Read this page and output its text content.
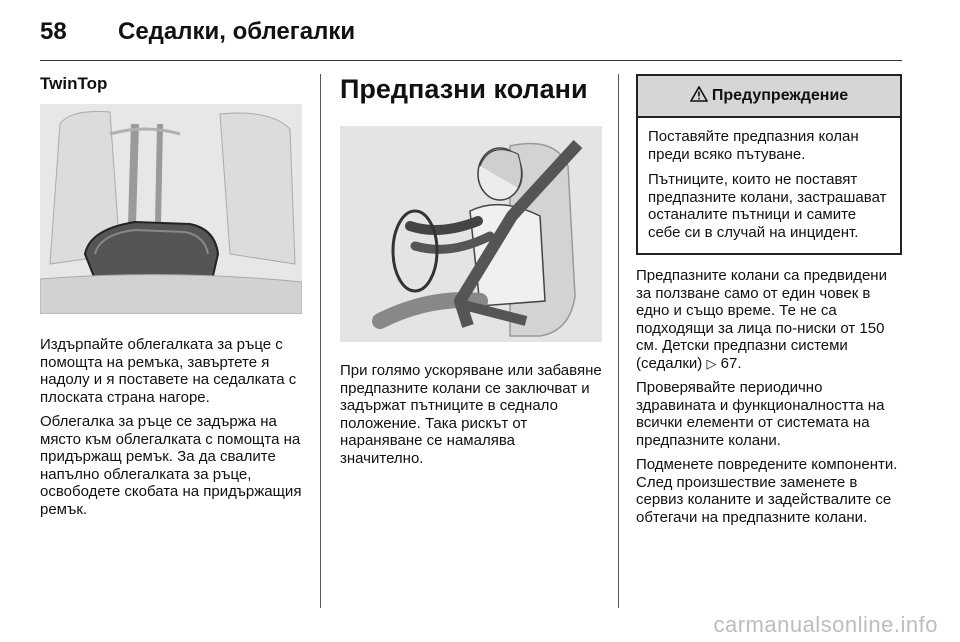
58 Седалки, облегалки
TwinTop

Издърпайте облегалката за ръце с помощта на ремъка, завъртете я надолу и я поставете на седалката с плоската страна нагоре.

Облегалка за ръце се задържа на място към облегалката с помощта на придържащ ремък. За да свалите напълно облегалката за ръце, освободете скобата на придържащия ремък.

Предпазни колани

При голямо ускоряване или забавяне предпазните колани се заключват и задържат пътниците в седнало положение. Така рискът от нараняване се намалява значително.

Предупреждение

Поставяйте предпазния колан преди всяко пътуване.

Пътниците, които не поставят предпазните колани, застрашават останалите пътници и самите себе си в случай на инцидент.

Предпазните колани са предвидени за ползване само от един човек в едно и също време. Те не са подходящи за лица по-ниски от 150 см. Детски предпазни системи (седалки) ▷ 67.

Проверявайте периодично здравината и функционалността на всички елементи от системата на предпазните колани.

Подменете повредените компоненти. След произшествие заменете в сервиз коланите и задействалите се обтегачи на предпазните колани.

carmanualsonline.info
